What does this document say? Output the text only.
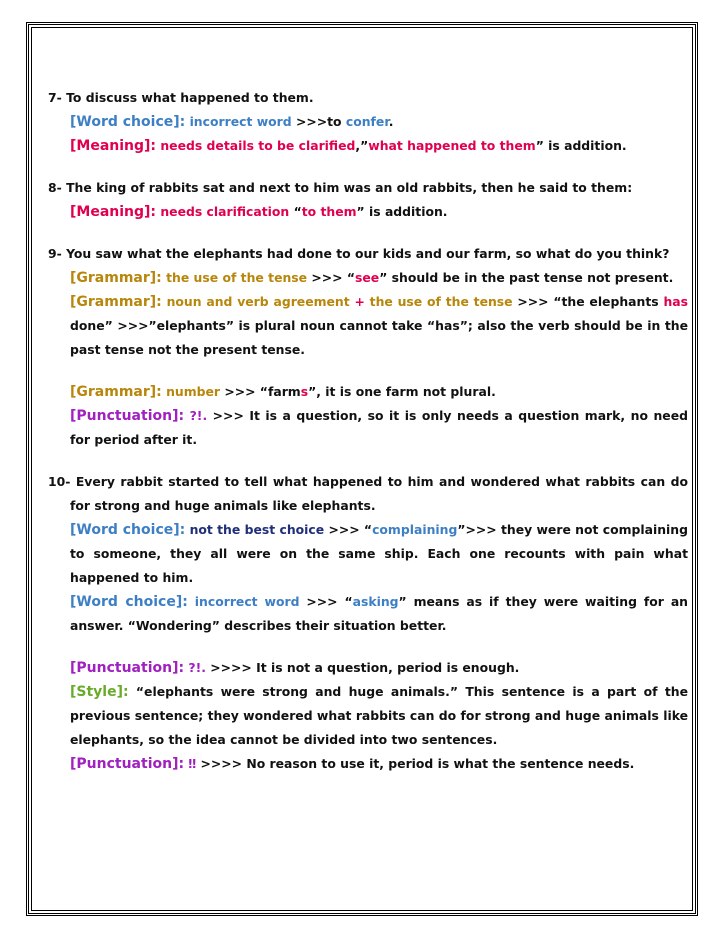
7- To discuss what happened to them.
[Word choice]: incorrect word >>>to confer.
[Meaning]: needs details to be clarified,”what happened to them” is addition.
8- The king of rabbits sat and next to him was an old rabbits, then he said to them:
[Meaning]: needs clarification “to them” is addition.
9- You saw what the elephants had done to our kids and our farm, so what do you think?
[Grammar]: the use of the tense >>> “see” should be in the past tense not present.
[Grammar]: noun and verb agreement + the use of the tense >>> “the elephants has
done” >>>”elephants” is plural noun cannot take “has”; also the verb should be in the
past tense not the present tense.
[Grammar]: number >>> “farms”, it is one farm not plural.
[Punctuation]: ?!. >>> It is a question, so it is only needs a question mark, no need
for period after it.
10- Every rabbit started to tell what happened to him and wondered what rabbits can do
for strong and huge animals like elephants.
[Word choice]: not the best choice >>> “complaining”>>> they were not complaining
to someone, they all were on the same ship. Each one recounts with pain what
happened to him.
[Word choice]: incorrect word >>> “asking” means as if they were waiting for an
answer. “Wondering” describes their situation better.
[Punctuation]: ?!. >>>> It is not a question, period is enough.
[Style]: “elephants were strong and huge animals.” This sentence is a part of the
previous sentence; they wondered what rabbits can do for strong and huge animals like
elephants, so the idea cannot be divided into two sentences.
[Punctuation]: ‼ >>>> No reason to use it, period is what the sentence needs.
